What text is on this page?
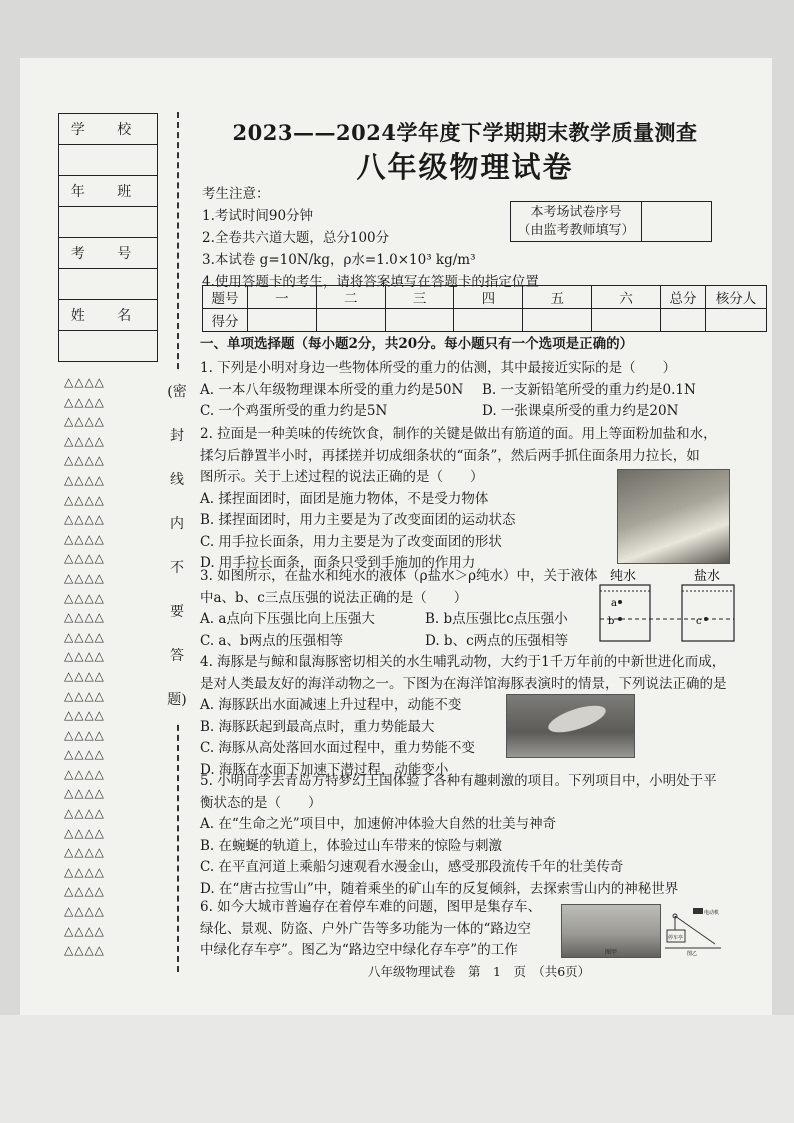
学 校
年 班
考 号
姓 名
△△△△
△△△△
△△△△
△△△△
△△△△
△△△△
△△△△
△△△△
△△△△
△△△△
△△△△
△△△△
△△△△
△△△△
△△△△
△△△△
△△△△
△△△△
△△△△
△△△△
△△△△
△△△△
△△△△
△△△△
△△△△
△△△△
△△△△
△△△△
△△△△
△△△△
(密
封
线
内
不
要
答
题)
2023——2024学年度下学期期末教学质量测查
八年级物理试卷
考生注意：
1.考试时间90分钟
2.全卷共六道大题，总分100分
3.本试卷 g=10N/kg，ρ水=1.0×10³ kg/m³
4.使用答题卡的考生，请将答案填写在答题卡的指定位置
本考场试卷序号
（由监考教师填写）
题号	一	二	三	四	五	六	总分	核分人
得分								
一、单项选择题（每小题2分，共20分。每小题只有一个选项是正确的）
1. 下列是小明对身边一些物体所受的重力的估测，其中最接近实际的是（　　）
A. 一本八年级物理课本所受的重力约是50N	B. 一支新铅笔所受的重力约是0.1N
C. 一个鸡蛋所受的重力约是5N	D. 一张课桌所受的重力约是20N
2. 拉面是一种美味的传统饮食，制作的关键是做出有筋道的面。用上等面粉加盐和水，
揉匀后静置半小时，再揉搓并切成细条状的“面条”，然后两手抓住面条用力拉长，如
图所示。关于上述过程的说法正确的是（　　）
A. 揉捏面团时，面团是施力物体，不是受力物体
B. 揉捏面团时，用力主要是为了改变面团的运动状态
C. 用手拉长面条，用力主要是为了改变面团的形状
D. 用手拉长面条，面条只受到手施加的作用力
3. 如图所示，在盐水和纯水的液体（ρ盐水＞ρ纯水）中，关于液体
中a、b、c三点压强的说法正确的是（　　）
A. a点向下压强比向上压强大	B. b点压强比c点压强小
C. a、b两点的压强相等	D. b、c两点的压强相等
a
b	c
纯水	盐水
4. 海豚是与鲸和鼠海豚密切相关的水生哺乳动物，大约于1千万年前的中新世进化而成，
是对人类最友好的海洋动物之一。下图为在海洋馆海豚表演时的情景，下列说法正确的是
A. 海豚跃出水面减速上升过程中，动能不变
B. 海豚跃起到最高点时，重力势能最大
C. 海豚从高处落回水面过程中，重力势能不变
D. 海豚在水面下加速下潜过程，动能变小
5. 小明同学去青岛方特梦幻王国体验了各种有趣刺激的项目。下列项目中，小明处于平
衡状态的是（　　）
A. 在“生命之光”项目中，加速俯冲体验大自然的壮美与神奇
B. 在蜿蜒的轨道上，体验过山车带来的惊险与刺激
C. 在平直河道上乘船匀速观看水漫金山，感受那段流传千年的壮美传奇
D. 在“唐古拉雪山”中，随着乘坐的矿山车的反复倾斜，去探索雪山内的神秘世界
6. 如今大城市普遍存在着停车难的问题，图甲是集存车、
绿化、景观、防盗、户外广告等多功能为一体的“路边空
中绿化存车亭”。图乙为“路边空中绿化存车亭”的工作	图甲
停车亭
电动机
图乙
八年级物理试卷　第　1　页　（共6页）
